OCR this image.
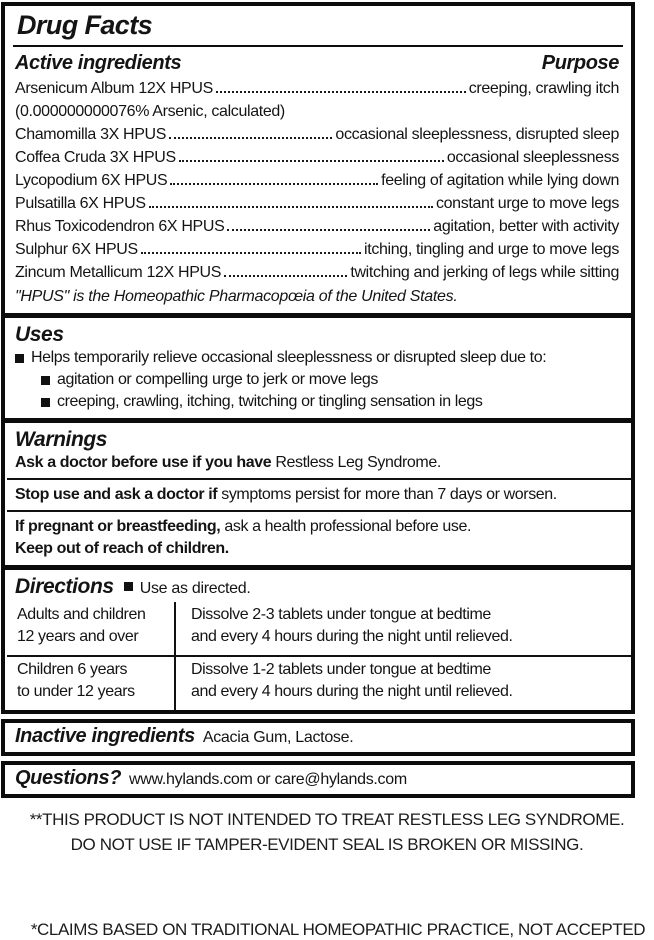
Drug Facts
Active ingredients	Purpose
Arsenicum Album 12X HPUS	creeping, crawling itch
(0.000000000076% Arsenic, calculated)
Chamomilla 3X HPUS	occasional sleeplessness, disrupted sleep
Coffea Cruda 3X HPUS	occasional sleeplessness
Lycopodium 6X HPUS	feeling of agitation while lying down
Pulsatilla 6X HPUS	constant urge to move legs
Rhus Toxicodendron 6X HPUS	agitation, better with activity
Sulphur 6X HPUS	itching, tingling and urge to move legs
Zincum Metallicum 12X HPUS	twitching and jerking of legs while sitting
"HPUS" is the Homeopathic Pharmacopœia of the United States.
Uses
Helps temporarily relieve occasional sleeplessness or disrupted sleep due to:
agitation or compelling urge to jerk or move legs
creeping, crawling, itching, twitching or tingling sensation in legs
Warnings
Ask a doctor before use if you have Restless Leg Syndrome.
Stop use and ask a doctor if symptoms persist for more than 7 days or worsen.
If pregnant or breastfeeding, ask a health professional before use.
Keep out of reach of children.
Directions Use as directed.
Adults and children
12 years and over
Dissolve 2-3 tablets under tongue at bedtime
and every 4 hours during the night until relieved.
Children 6 years
to under 12 years
Dissolve 1-2 tablets under tongue at bedtime
and every 4 hours during the night until relieved.
Inactive ingredients Acacia Gum, Lactose.
Questions? www.hylands.com or care@hylands.com
**THIS PRODUCT IS NOT INTENDED TO TREAT RESTLESS LEG SYNDROME.
DO NOT USE IF TAMPER-EVIDENT SEAL IS BROKEN OR MISSING.
*CLAIMS BASED ON TRADITIONAL HOMEOPATHIC PRACTICE, NOT ACCEPTED
